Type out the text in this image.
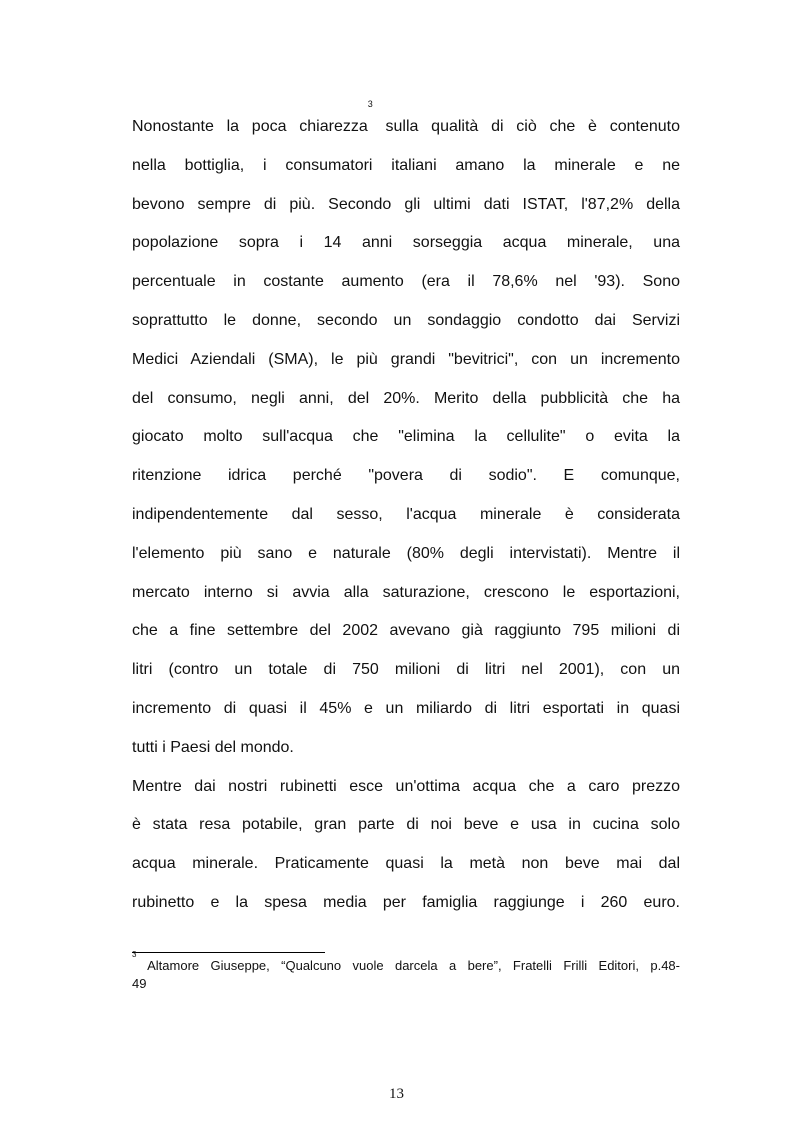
Nonostante la poca chiarezza$^3$ sulla qualità di ciò che è contenuto
nella bottiglia, i consumatori italiani amano la minerale e ne
bevono sempre di più. Secondo gli ultimi dati ISTAT, l'87,2% della
popolazione sopra i 14 anni sorseggia acqua minerale, una
percentuale in costante aumento (era il 78,6% nel '93). Sono
soprattutto le donne, secondo un sondaggio condotto dai Servizi
Medici Aziendali (SMA), le più grandi "bevitrici", con un incremento
del consumo, negli anni, del 20%. Merito della pubblicità che ha
giocato molto sull'acqua che "elimina la cellulite" o evita la
ritenzione idrica perché "povera di sodio". E comunque,
indipendentemente dal sesso, l'acqua minerale è considerata
l'elemento più sano e naturale (80% degli intervistati). Mentre il
mercato interno si avvia alla saturazione, crescono le esportazioni,
che a fine settembre del 2002 avevano già raggiunto 795 milioni di
litri (contro un totale di 750 milioni di litri nel 2001), con un
incremento di quasi il 45% e un miliardo di litri esportati in quasi
tutti i Paesi del mondo.

Mentre dai nostri rubinetti esce un'ottima acqua che a caro prezzo
è stata resa potabile, gran parte di noi beve e usa in cucina solo
acqua minerale. Praticamente quasi la metà non beve mai dal
rubinetto e la spesa media per famiglia raggiunge i 260 euro.

$^3$ Altamore Giuseppe, “Qualcuno vuole darcela a bere”, Fratelli Frilli Editori, p.48-
49
13
